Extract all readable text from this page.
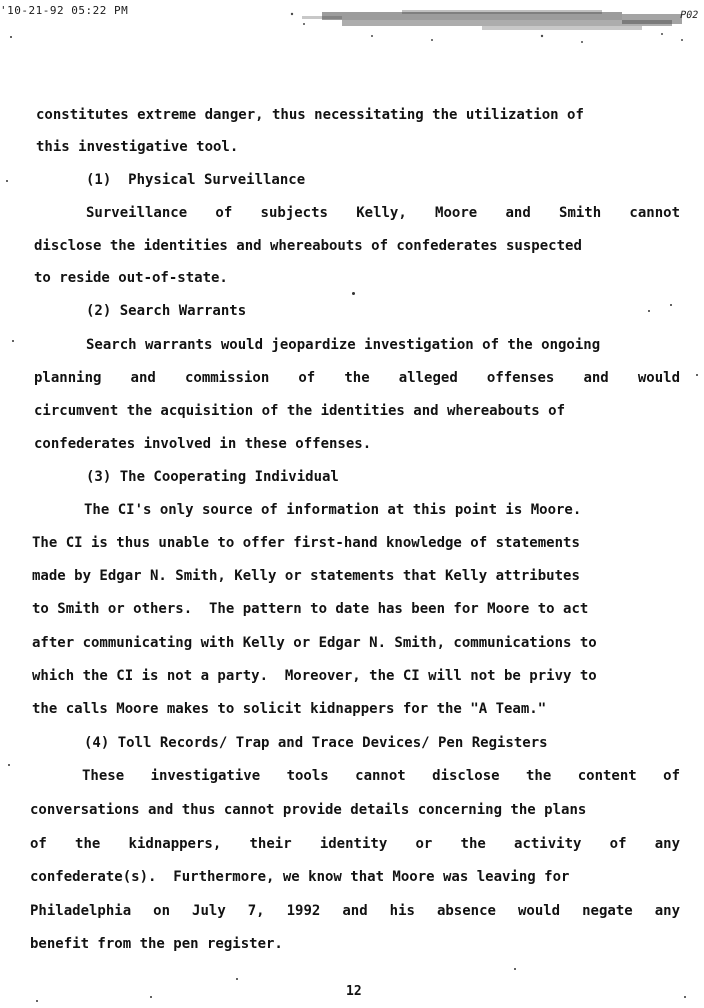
'10-21-92 05:22 PM	P02
constitutes extreme danger, thus necessitating the utilization of
this investigative tool.
(1)  Physical Surveillance
Surveillance of subjects Kelly, Moore and Smith cannot
disclose the identities and whereabouts of confederates suspected
to reside out-of-state.
(2) Search Warrants
Search warrants would jeopardize investigation of the ongoing
planning and commission of the alleged offenses and would
circumvent the acquisition of the identities and whereabouts of
confederates involved in these offenses.
(3) The Cooperating Individual
The CI's only source of information at this point is Moore.
The CI is thus unable to offer first-hand knowledge of statements
made by Edgar N. Smith, Kelly or statements that Kelly attributes
to Smith or others.  The pattern to date has been for Moore to act
after communicating with Kelly or Edgar N. Smith, communications to
which the CI is not a party.  Moreover, the CI will not be privy to
the calls Moore makes to solicit kidnappers for the "A Team."
(4) Toll Records/ Trap and Trace Devices/ Pen Registers
These investigative tools cannot disclose the content of
conversations and thus cannot provide details concerning the plans
of the kidnappers, their identity or the activity of any
confederate(s).  Furthermore, we know that Moore was leaving for
Philadelphia on July 7, 1992 and his absence would negate any
benefit from the pen register.
12
